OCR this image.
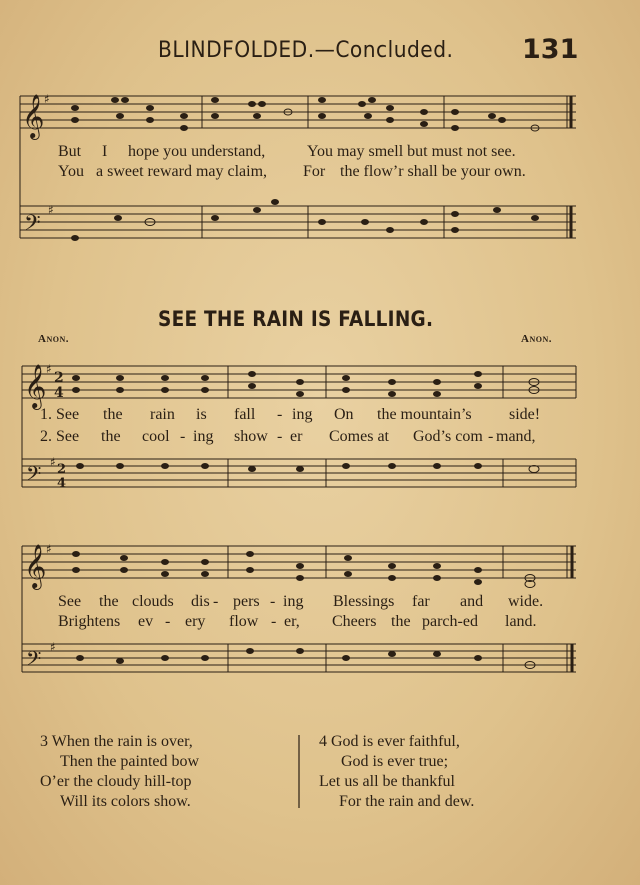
BLINDFOLDED.—Concluded.	131
𝄞
𝄢
𝄞
𝄢
𝄞
𝄢
♯
♯
♯
♯
♯
♯
2
4
2
4
But I hope you understand,	You may smell but must not see.
You a sweet reward may claim, For the flow’r shall be your own.
SEE THE RAIN IS FALLING.
Anon.	Anon.
1. See the rain is fall - ing On the mountain’s side!
2. See the cool - ing show - er Comes at God’s com - mand,
See the clouds dis - pers - ing Blessings far and wide.
Brightens ev - ery flow - er, Cheers the parch-ed land.
3 When the rain is over,
Then the painted bow
O’er the cloudy hill-top
Will its colors show.
4 God is ever faithful,
God is ever true;
Let us all be thankful
For the rain and dew.
